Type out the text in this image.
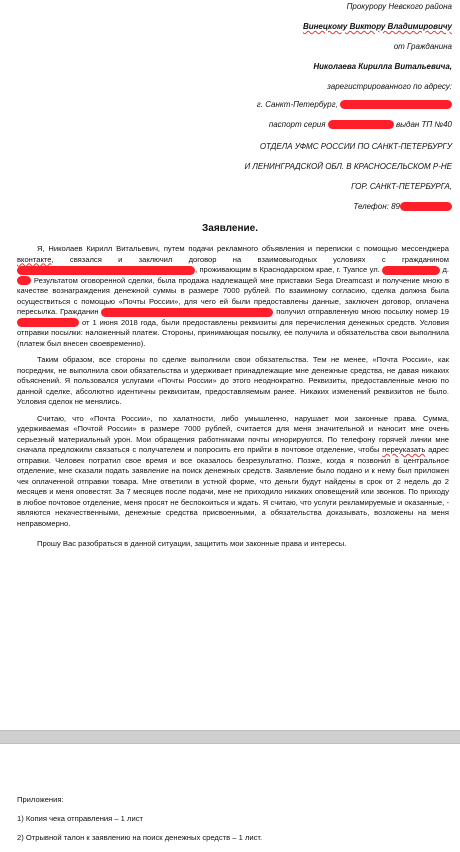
Прокурору Невского района
Винецкому Виктору Владимировичу
от Гражданина
Николаева Кирилла Витальевича,
зарегистрированного по адресу:
г. Санкт-Петербург,
паспорт серия	выдан ТП №40
ОТДЕЛА УФМС РОССИИ ПО САНКТ-ПЕТЕРБУРГУ
И ЛЕНИНГРАДСКОЙ ОБЛ. В КРАСНОСЕЛЬСКОМ Р-НЕ
ГОР. САНКТ-ПЕТЕРБУРГА,
Телефон: 89
Заявление.

Я, Николаев Кирилл Витальевич, путем подачи рекламного объявления и переписки с помощью мессенджера вконтакте, связался и заключил договор на взаимовыгодных условиях с гражданином , проживающим в Краснодарском крае, г. Туапсе ул.	д.  Результатом оговоренной сделки, была продажа надлежащей мне приставки Sega Dreamcast и получение мною в качестве вознаграждения денежной суммы в размере 7000 рублей. По взаимному согласию, сделка должна была осуществиться с помощью «Почты России», для чего ей были предоставлены данные, заключен договор, оплачена пересылка. Гражданин	получил отправленную мною посылку номер 19 от 1 июня 2018 года, были предоставлены реквизиты для перечисления денежных средств. Условия отправки посылки: наложенный платеж. Стороны, принимающая посылку, ее получила и обязательства свои выполнила (платеж был внесен своевременно).

Таким образом, все стороны по сделке выполнили свои обязательства. Тем не менее, «Почта России», как посредник, не выполнила свои обязательства и удерживает принадлежащие мне денежные средства, не давая никаких объяснений. Я пользовался услугами «Почты России» до этого неоднократно. Реквизиты, предоставленные мною по данной сделке, абсолютно идентичны реквизитам, предоставляемым ранее. Никаких изменений реквизитов не было. Условия сделок не менялись.

Считаю, что «Почта России», по халатности, либо умышленно, нарушает мои законные права. Сумма, удерживаемая «Почтой России» в размере 7000 рублей, считается для меня значительной и наносит мне очень серьезный материальный урон. Мои обращения работниками почты игнорируются. По телефону горячей линии мне сначала предложили связаться с получателем и попросить его прийти в почтовое отделение, чтобы переуказать адрес отправки. Человек потратил свое время и все оказалось безрезультатно. Позже, когда я позвонил в центральное отделение, мне сказали подать заявление на поиск денежных средств. Заявление было подано и к нему был приложен чек оплаченной отправки товара. Мне ответили в устной форме, что деньги будут найдены в срок от 2 недель до 2 месяцев и меня оповестят. За 7 месяцев после подачи, мне не приходило никаких оповещений или звонков. По приходу в любое почтовое отделение, меня просят не беспокоиться и ждать. Я считаю, что услуги рекламируемые и оказанные, - являются некачественными, денежные средства присвоенными, а обязательства доказывать, возложены на меня неправомерно.

Прошу Вас разобраться в данной ситуации, защитить мои законные права и интересы.

Приложения:
1) Копия чека отправления – 1 лист
2) Отрывной талон к заявлению на поиск денежных средств – 1 лист.
